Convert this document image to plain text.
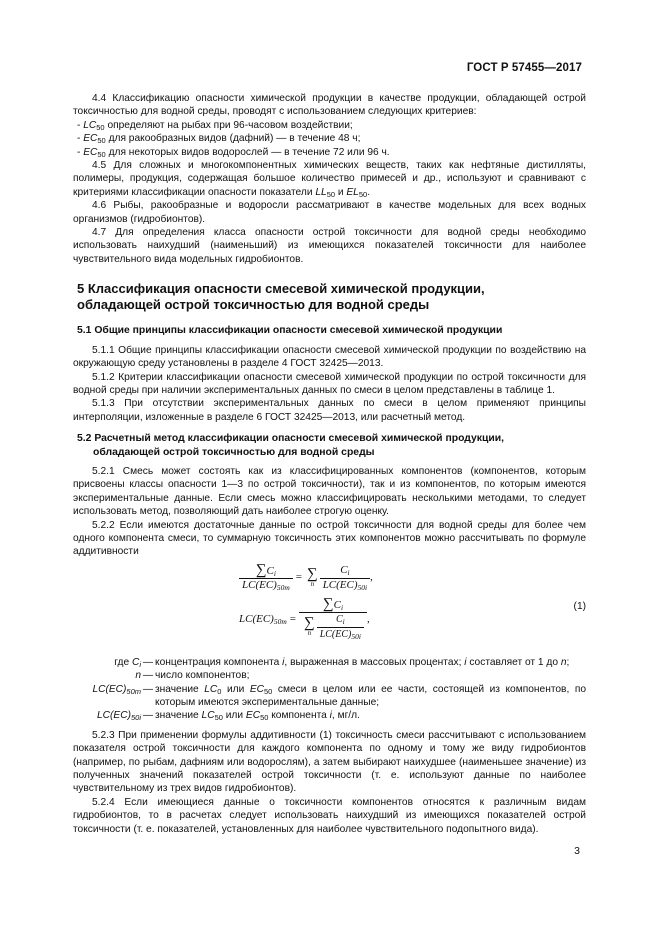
ГОСТ Р 57455—2017

4.4 Классификацию опасности химической продукции в качестве продукции, обладающей острой токсичностью для водной среды, проводят с использованием следующих критериев:

- $LC_{50}$ определяют на рыбах при 96-часовом воздействии;

- $EC_{50}$ для ракообразных видов (дафний) — в течение 48 ч;

- $EC_{50}$ для некоторых видов водорослей — в течение 72 или 96 ч.

4.5 Для сложных и многокомпонентных химических веществ, таких как нефтяные дистилляты, полимеры, продукция, содержащая большое количество примесей и др., используют и сравнивают с критериями классификации опасности показатели $LL_{50}$ и $EL_{50}$.

4.6 Рыбы, ракообразные и водоросли рассматривают в качестве модельных для всех водных организмов (гидробионтов).

4.7 Для определения класса опасности острой токсичности для водной среды необходимо использовать наихудший (наименьший) из имеющихся показателей токсичности для наиболее чувствительного вида модельных гидробионтов.

5 Классификация опасности смесевой химической продукции,
обладающей острой токсичностью для водной среды

5.1 Общие принципы классификации опасности смесевой химической продукции

5.1.1 Общие принципы классификации опасности смесевой химической продукции по воздействию на окружающую среду установлены в разделе 4 ГОСТ 32425—2013.

5.1.2 Критерии классификации опасности смесевой химической продукции по острой токсичности для водной среды при наличии экспериментальных данных по смеси в целом представлены в таблице 1.

5.1.3 При отсутствии экспериментальных данных по смеси в целом применяют принципы интерполяции, изложенные в разделе 6 ГОСТ 32425—2013, или расчетный метод.

5.2 Расчетный метод классификации опасности смесевой химической продукции,
обладающей острой токсичностью для водной среды

5.2.1 Смесь может состоять как из классифицированных компонентов (компонентов, которым присвоены классы опасности 1—3 по острой токсичности), так и из компонентов, по которым имеются экспериментальные данные. Если смесь можно классифицировать несколькими методами, то следует использовать метод, позволяющий дать наиболее строгую оценку.

5.2.2 Если имеются достаточные данные по острой токсичности для водной среды для более чем одного компонента смеси, то суммарную токсичность этих компонентов можно рассчитывать по формуле аддитивности

$\frac{\sum C_i}{LC(EC)_{50m}}$ = ∑
n $\frac{C_i}{LC(EC)_{50i}}$ ,
$LC(EC)_{50m} = \sum C_i$
∑
n $\frac{C_i}{LC(EC)_{50i}}$ ,
(1)
где $C_i$ — концентрация компонента i, выраженная в массовых процентах; i составляет от 1 до n;
n — число компонентов;
$LC(EC)_{50m}$ — значение $LC_0$ или $EC_{50}$ смеси в целом или ее части, состоящей из компонентов, по которым имеются экспериментальные данные;
$LC(EC)_{50i}$ — значение $LC_{50}$ или $EC_{50}$ компонента i, мг/л.

5.2.3 При применении формулы аддитивности (1) токсичность смеси рассчитывают с использованием показателя острой токсичности для каждого компонента по одному и тому же виду гидробионтов (например, по рыбам, дафниям или водорослям), а затем выбирают наихудшее (наименьшее значение) из полученных значений показателей острой токсичности (т. е. используют данные по наиболее чувствительному из трех видов гидробионтов).

5.2.4 Если имеющиеся данные о токсичности компонентов относятся к различным видам гидробионтов, то в расчетах следует использовать наихудший из имеющихся показателей острой токсичности (т. е. показателей, установленных для наиболее чувствительного подопытного вида).

3
